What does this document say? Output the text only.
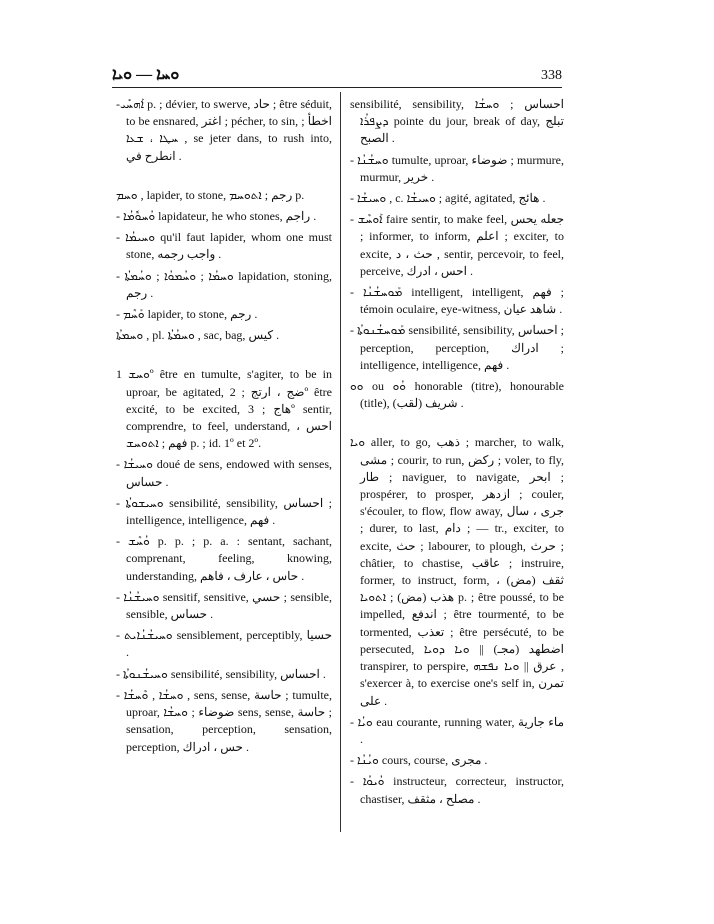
ܘܚܐ — ܘܝܐ	338

-ܐܰܗܚܺܝ p. ; dévier, to swerve, حاد ; être séduit, to be ensnared, اغتر ; pécher, to sin, اخطأ ; ܚܛܐ ، ܫܥܐ , se jeter dans, to rush into, انطرح في .

ܘܚܡ , lapider, to stone, رجم ; ܐܬܘܚܡ p.

- ܘܳܚܘܽܡܳܐ lapidateur, he who stones, راجم .

- ܘܚܝܡܳܐ qu'il faut lapider, whom one must stone, واجب رجمه .

- ܘܚܡܳܐ ; ܘܚܳܡܘܳܐ ; ܘܚܳܡܬܳܐ lapidation, stoning, رجم .

- ܘܰܚܶܡ lapider, to stone, رجم .

ܘܚܡܬܳܐ , pl. ܘܚܡܳܬܳܐ , sac, bag, كيس .

ܘܚܫ 1º être en tumulte, s'agiter, to be in uproar, be agitated, ضج ، ارتج ; 2º être excité, to be excited, هاج ; 3º sentir, comprendre, to feel, understand, احس ، فهم ; ܐܬܘܚܫ p. ; id. 1º et 2º.

- ܘܚܝܫܳܐ doué de sens, endowed with senses, حساس .

- ܘܚܝܫܘܬܳܐ sensibilité, sensibility, احساس ; intelligence, intelligence, فهم .

- ܘܳܚܶܫ p. p. ; p. a. : sentant, sachant, comprenant, feeling, knowing, understanding, حاس ، عارف ، فاهم .

- ܘܚܝܫܳܢܳܐ sensitif, sensitive, حسي ; sensible, sensible, حساس .

- ܘܚܝܫܳܢܳܐܝܬ sensiblement, perceptibly, حسيا .

- ܘܚܝܫܳܢܘܬܳܐ sensibilité, sensibility, احساس .

- ܘܚܫܳܐ , ܘܶܚܫܳܐ , sens, sense, حاسة ; tumulte, uproar, ضوضاء ; ܘܚܫܳܐ sens, sense, حاسة ; sensation, perception, sensation, perception, حس ، ادراك .

sensibilité, sensibility, احساس ; ܘܚܫܳܐ ܕܨܦܪܳܐ pointe du jour, break of day, تبلج الصبح .

- ܘܚܫܳܢܳܐ tumulte, uproar, ضوضاء ; murmure, murmur, خرير .

- ܘܚܝܫܳܐ , c. ܘܚܝܫܳܐ ; agité, agitated, هائج .

- ܐܰܘܚܶܫ faire sentir, to make feel, جعله يحس ; informer, to inform, اعلم ; exciter, to excite, حث ، د , sentir, percevoir, to feel, perceive, احس ، ادرك .

- ܡܰܘܚܫܳܢܳܐ intelligent, intelligent, فهم ; témoin oculaire, eye-witness, شاهد عيان .

- ܡܰܘܚܫܳܢܘܬܳܐ sensibilité, sensibility, احساس ; perception, perception, ادراك ; intelligence, intelligence, فهم .

ܘܘ ou ܘܳܘ honorable (titre), honourable (title), شريف (لقب) .

ܘܝܐ aller, to go, ذهب ; marcher, to walk, مشى ; courir, to run, ركض ; voler, to fly, طار ; naviguer, to navigate, ابحر ; prospérer, to prosper, ازدهر ; couler, s'écouler, to flow, flow away, جرى ، سال ; durer, to last, دام ; — tr., exciter, to excite, حث ; labourer, to plough, حرث ; châtier, to chastise, عاقب ; instruire, former, to instruct, form, ثقف (مض) ، هذب (مض) ; ܐܬܘܝܐ p. ; être poussé, to be impelled, اندفع ; être tourmenté, to be tormented, تعذب ; être persécuté, to be persecuted, اضطهد (مجـ) || ܘܝܐ ܕܘܝܐ transpirer, to perspire, عرق || ܘܝܐ ܢܦܫܗ , s'exercer à, to exercise one's self in, تمرن على .

- ܘܝܳܐ eau courante, running water, ماء جارية .

- ܘܝܳܢܳܐ cours, course, مجرى .

- ܘܳܝܘܳܐ instructeur, correcteur, instructor, chastiser, مصلح ، مثقف .
